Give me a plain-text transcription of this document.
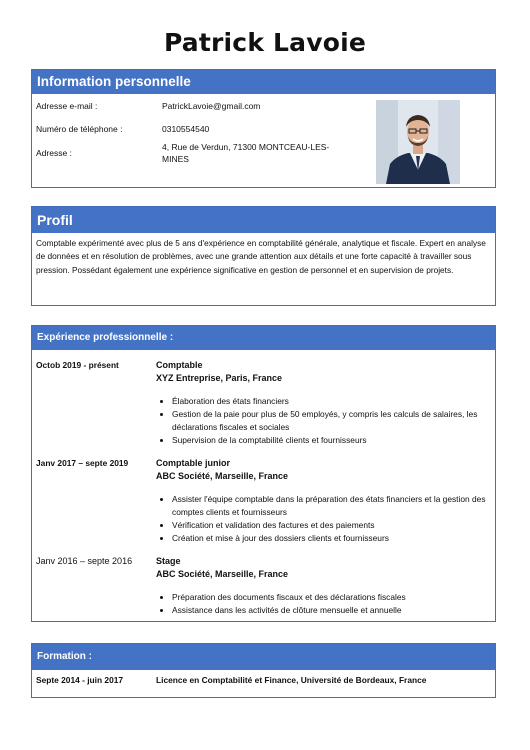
Patrick Lavoie
Information personnelle
Adresse e-mail :	PatrickLavoie@gmail.com
Numéro de téléphone :	0310554540
Adresse :
4, Rue de Verdun, 71300 MONTCEAU-LES-MINES
Profil
Comptable expérimenté avec plus de 5 ans d'expérience en comptabilité générale, analytique et fiscale. Expert en analyse de données et en résolution de problèmes, avec une grande attention aux détails et une forte capacité à travailler sous pression. Possédant également une expérience significative en gestion de personnel et en supervision de projets.
Expérience professionnelle :
Octob 2019 - présent	Comptable
XYZ Entreprise, Paris, France
• Élaboration des états financiers
• Gestion de la paie pour plus de 50 employés, y compris les calculs de salaires, les déclarations fiscales et sociales
• Supervision de la comptabilité clients et fournisseurs
Janv 2017 – septe 2019	Comptable junior
ABC Société, Marseille, France
• Assister l'équipe comptable dans la préparation des états financiers et la gestion des comptes clients et fournisseurs
• Vérification et validation des factures et des paiements
• Création et mise à jour des dossiers clients et fournisseurs
Janv 2016 – septe 2016	Stage
ABC Société, Marseille, France
• Préparation des documents fiscaux et des déclarations fiscales
• Assistance dans les activités de clôture mensuelle et annuelle
Formation :
Septe 2014 - juin 2017	Licence en Comptabilité et Finance, Université de Bordeaux, France
